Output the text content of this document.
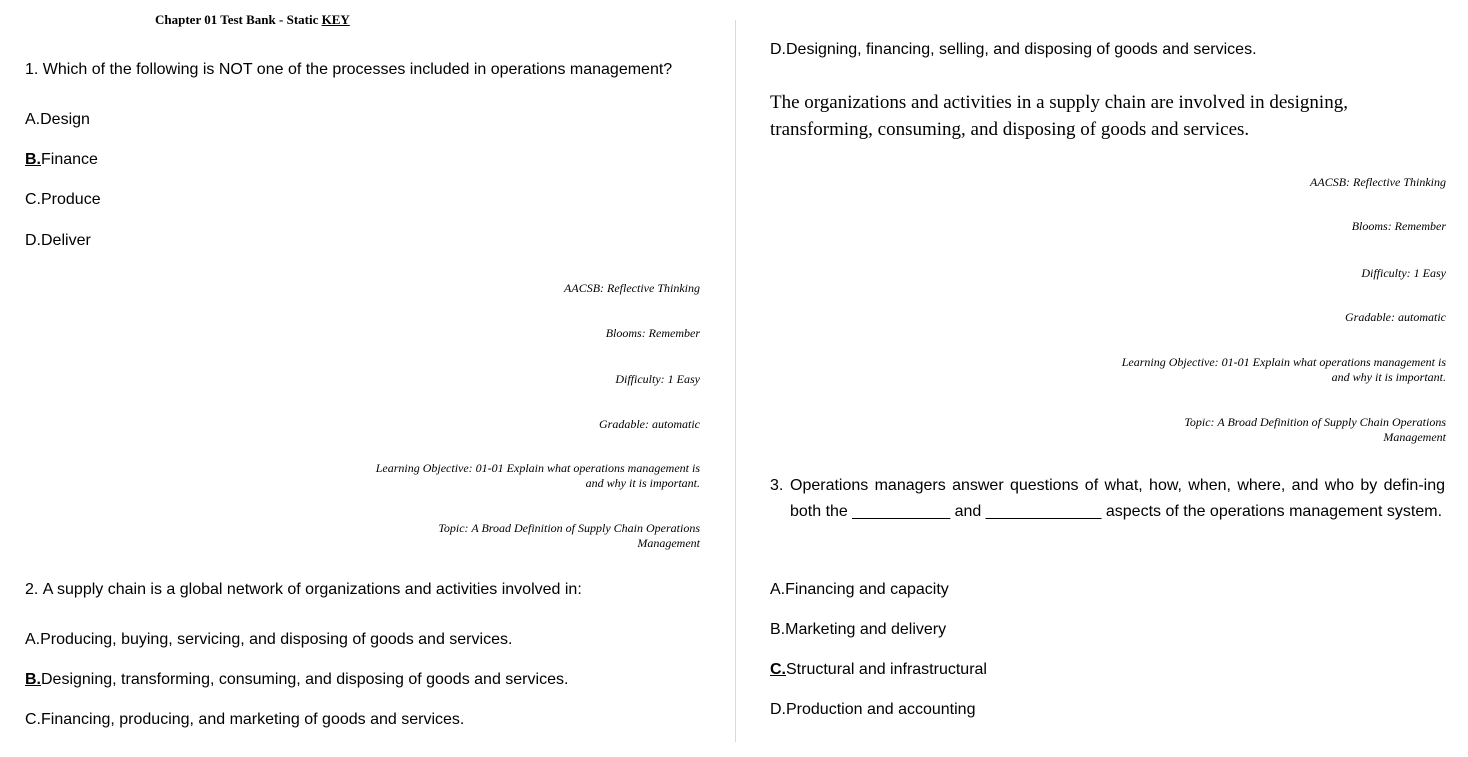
Chapter 01 Test Bank - Static KEY
1. Which of the following is NOT one of the processes included in operations management?
A.Design
B.Finance
C.Produce
D.Deliver
AACSB: Reflective Thinking
Blooms: Remember
Difficulty: 1 Easy
Gradable: automatic
Learning Objective: 01-01 Explain what operations management is
and why it is important.
Topic: A Broad Definition of Supply Chain Operations
Management
2. A supply chain is a global network of organizations and activities involved in:
A.Producing, buying, servicing, and disposing of goods and services.
B.Designing, transforming, consuming, and disposing of goods and services.
C.Financing, producing, and marketing of goods and services.
D.Designing, financing, selling, and disposing of goods and services.
The organizations and activities in a supply chain are involved in designing, transforming, consuming, and disposing of goods and services.
AACSB: Reflective Thinking
Blooms: Remember
Difficulty: 1 Easy
Gradable: automatic
Learning Objective: 01-01 Explain what operations management is
and why it is important.
Topic: A Broad Definition of Supply Chain Operations
Management
3. Operations managers answer questions of what, how, when, where, and who by defin-ing both the ___________ and _____________ aspects of the operations management system.
A.Financing and capacity
B.Marketing and delivery
C.Structural and infrastructural
D.Production and accounting
